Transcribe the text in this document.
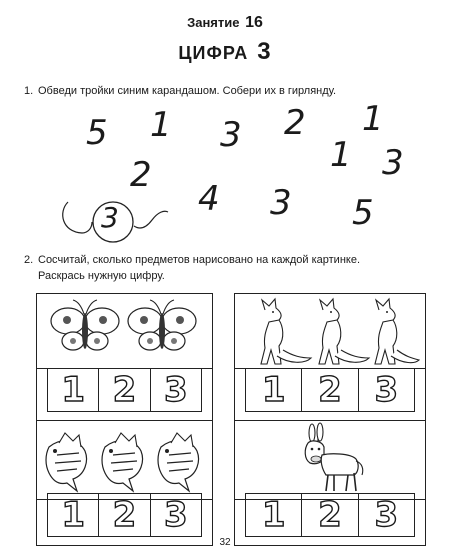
Занятие 16
ЦИФРА 3
1. Обведи тройки синим карандашом. Собери их в гирлянду.
5 1 3 2 1
2	1 3
4 3 5
3
2. Сосчитай, сколько предметов нарисовано на каждой картинке.
Раскрась нужную цифру.
1 2 3 1 2 3
1 2 3 1 2 3
32
